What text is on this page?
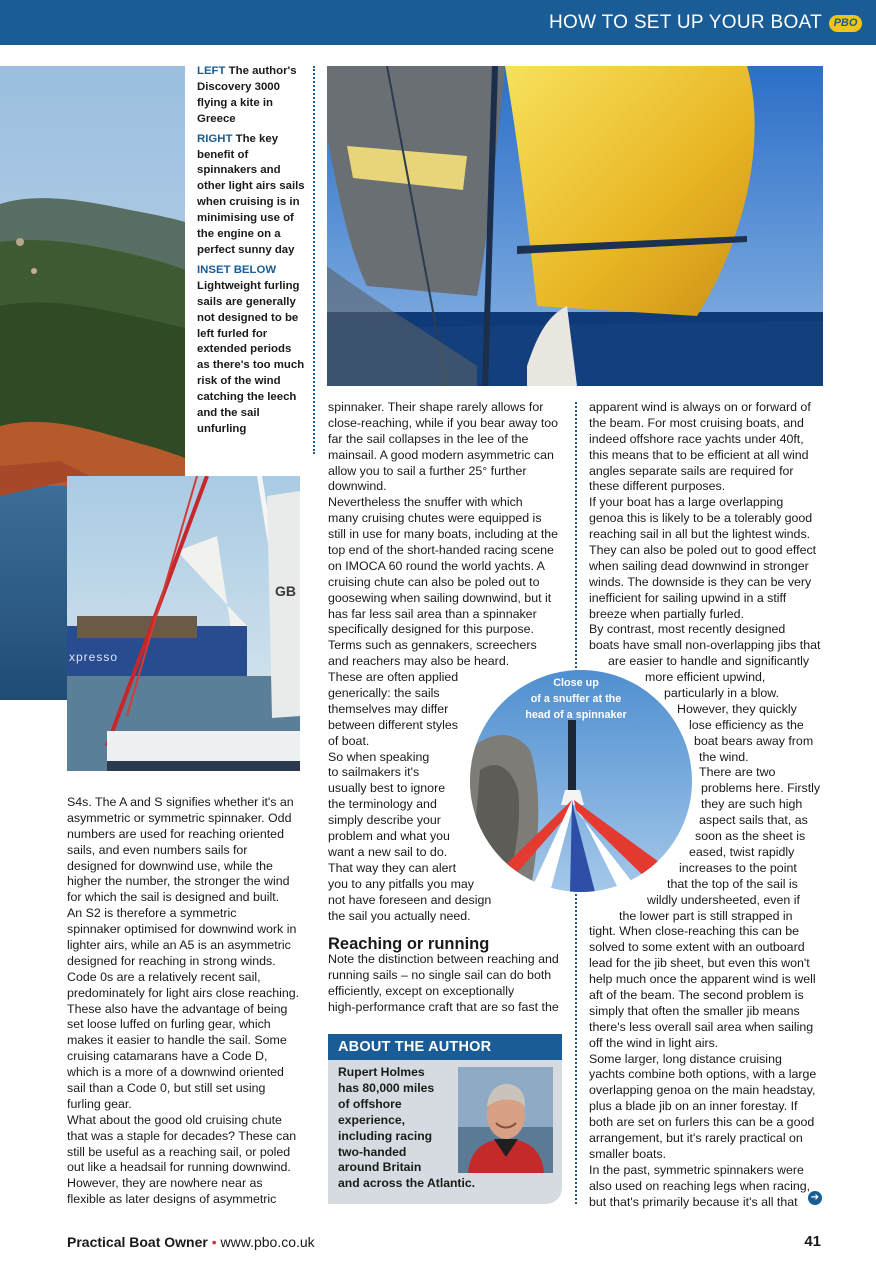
HOW TO SET UP YOUR BOAT	PBO

LEFT The author's Discovery 3000 flying a kite in Greece

RIGHT The key benefit of spinnakers and other light airs sails when cruising is in minimising use of the engine on a perfect sunny day

INSET BELOW
Lightweight furling sails are generally not designed to be left furled for extended periods as there's too much risk of the wind catching the leech and the sail unfurling

xpresso
GB
S4s. The A and S signifies whether it's an
asymmetric or symmetric spinnaker. Odd
numbers are used for reaching oriented
sails, and even numbers sails for
designed for downwind use, while the
higher the number, the stronger the wind
for which the sail is designed and built.
An S2 is therefore a symmetric
spinnaker optimised for downwind work in
lighter airs, while an A5 is an asymmetric
designed for reaching in strong winds.
Code 0s are a relatively recent sail,
predominately for light airs close reaching.
These also have the advantage of being
set loose luffed on furling gear, which
makes it easier to handle the sail. Some
cruising catamarans have a Code D,
which is a more of a downwind oriented
sail than a Code 0, but still set using
furling gear.
What about the good old cruising chute
that was a staple for decades? These can
still be useful as a reaching sail, or poled
out like a headsail for running downwind.
However, they are nowhere near as
flexible as later designs of asymmetric
spinnaker. Their shape rarely allows for
close-reaching, while if you bear away too
far the sail collapses in the lee of the
mainsail. A good modern asymmetric can
allow you to sail a further 25° further
downwind.
Nevertheless the snuffer with which
many cruising chutes were equipped is
still in use for many boats, including at the
top end of the short-handed racing scene
on IMOCA 60 round the world yachts. A
cruising chute can also be poled out to
goosewing when sailing downwind, but it
has far less sail area than a spinnaker
specifically designed for this purpose.
Terms such as gennakers, screechers
and reachers may also be heard.
These are often applied
generically: the sails
themselves may differ
between different styles
of boat.
So when speaking
to sailmakers it's
usually best to ignore
the terminology and
simply describe your
problem and what you
want a new sail to do.
That way they can alert
you to any pitfalls you may
not have foreseen and design
the sail you actually need.
Reaching or running
Note the distinction between reaching and
running sails – no single sail can do both
efficiently, except on exceptionally
high-performance craft that are so fast the
apparent wind is always on or forward of
the beam. For most cruising boats, and
indeed offshore race yachts under 40ft,
this means that to be efficient at all wind
angles separate sails are required for
these different purposes.
If your boat has a large overlapping
genoa this is likely to be a tolerably good
reaching sail in all but the lightest winds.
They can also be poled out to good effect
when sailing dead downwind in stronger
winds. The downside is they can be very
inefficient for sailing upwind in a stiff
breeze when partially furled.
By contrast, most recently designed
boats have small non-overlapping jibs that
are easier to handle and significantly
more efficient upwind,
particularly in a blow.
However, they quickly
lose efficiency as the
boat bears away from
the wind.
There are two
problems here. Firstly
they are such high
aspect sails that, as
soon as the sheet is
eased, twist rapidly
increases to the point
that the top of the sail is
wildly undersheeted, even if
the lower part is still strapped in
tight. When close-reaching this can be
solved to some extent with an outboard
lead for the jib sheet, but even this won't
help much once the apparent wind is well
aft of the beam. The second problem is
simply that often the smaller jib means
there's less overall sail area when sailing
off the wind in light airs.
Some larger, long distance cruising
yachts combine both options, with a large
overlapping genoa on the main headstay,
plus a blade jib on an inner forestay. If
both are set on furlers this can be a good
arrangement, but it's rarely practical on
smaller boats.
In the past, symmetric spinnakers were
also used on reaching legs when racing,
but that's primarily because it's all that
Close up
of a snuffer at the
head of a spinnaker
ABOUT THE AUTHOR
Rupert Holmes
has 80,000 miles
of offshore
experience,
including racing
two-handed
around Britain
and across the Atlantic.
➔
Practical Boat Owner • www.pbo.co.uk	41
